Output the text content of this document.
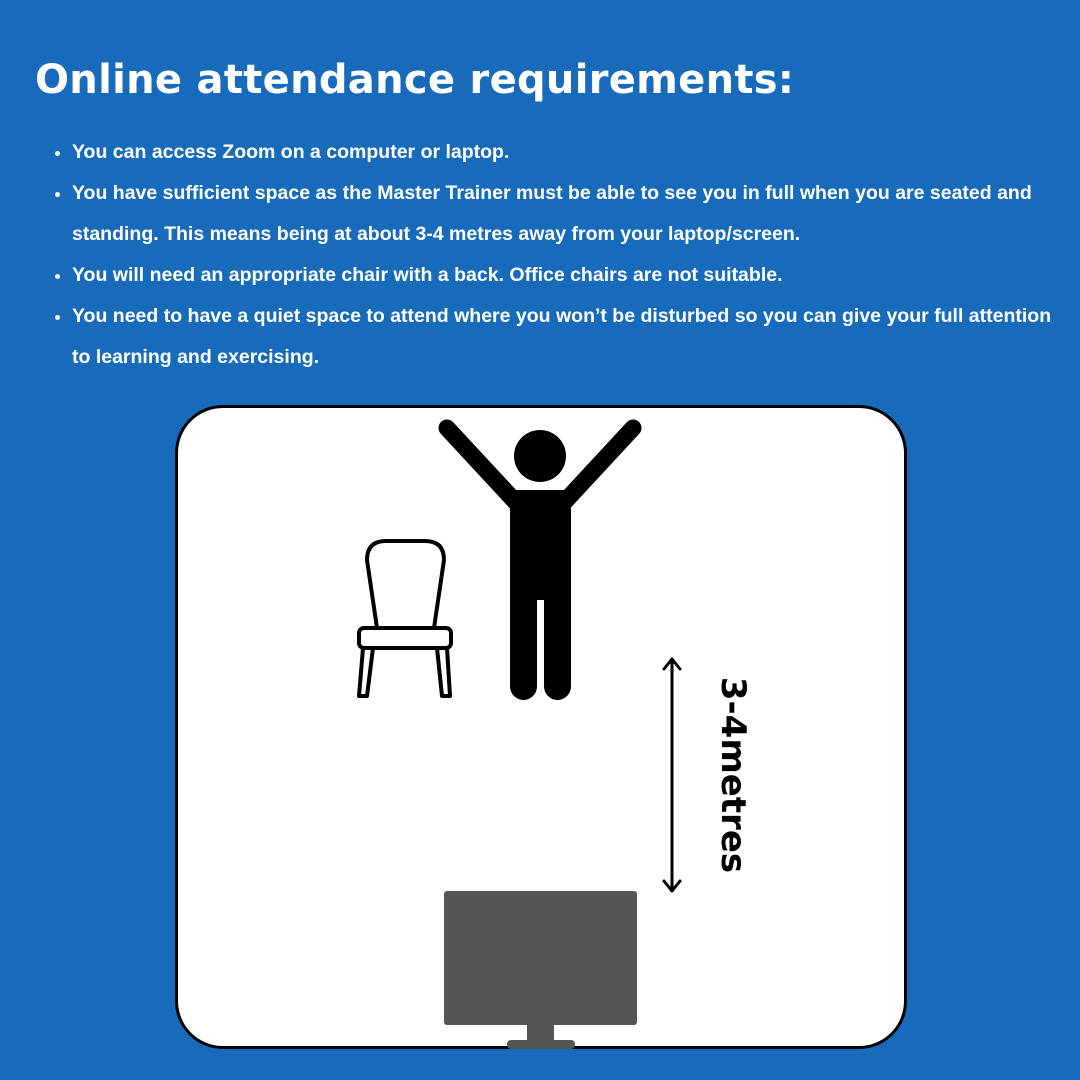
Online attendance requirements:
You can access Zoom on a computer or laptop.
You have sufficient space as the Master Trainer must be able to see you in full when you are seated and standing. This means being at about 3-4 metres away from your laptop/screen.
You will need an appropriate chair with a back. Office chairs are not suitable.
You need to have a quiet space to attend where you won’t be disturbed so you can give your full attention to learning and exercising.
3-4metres
